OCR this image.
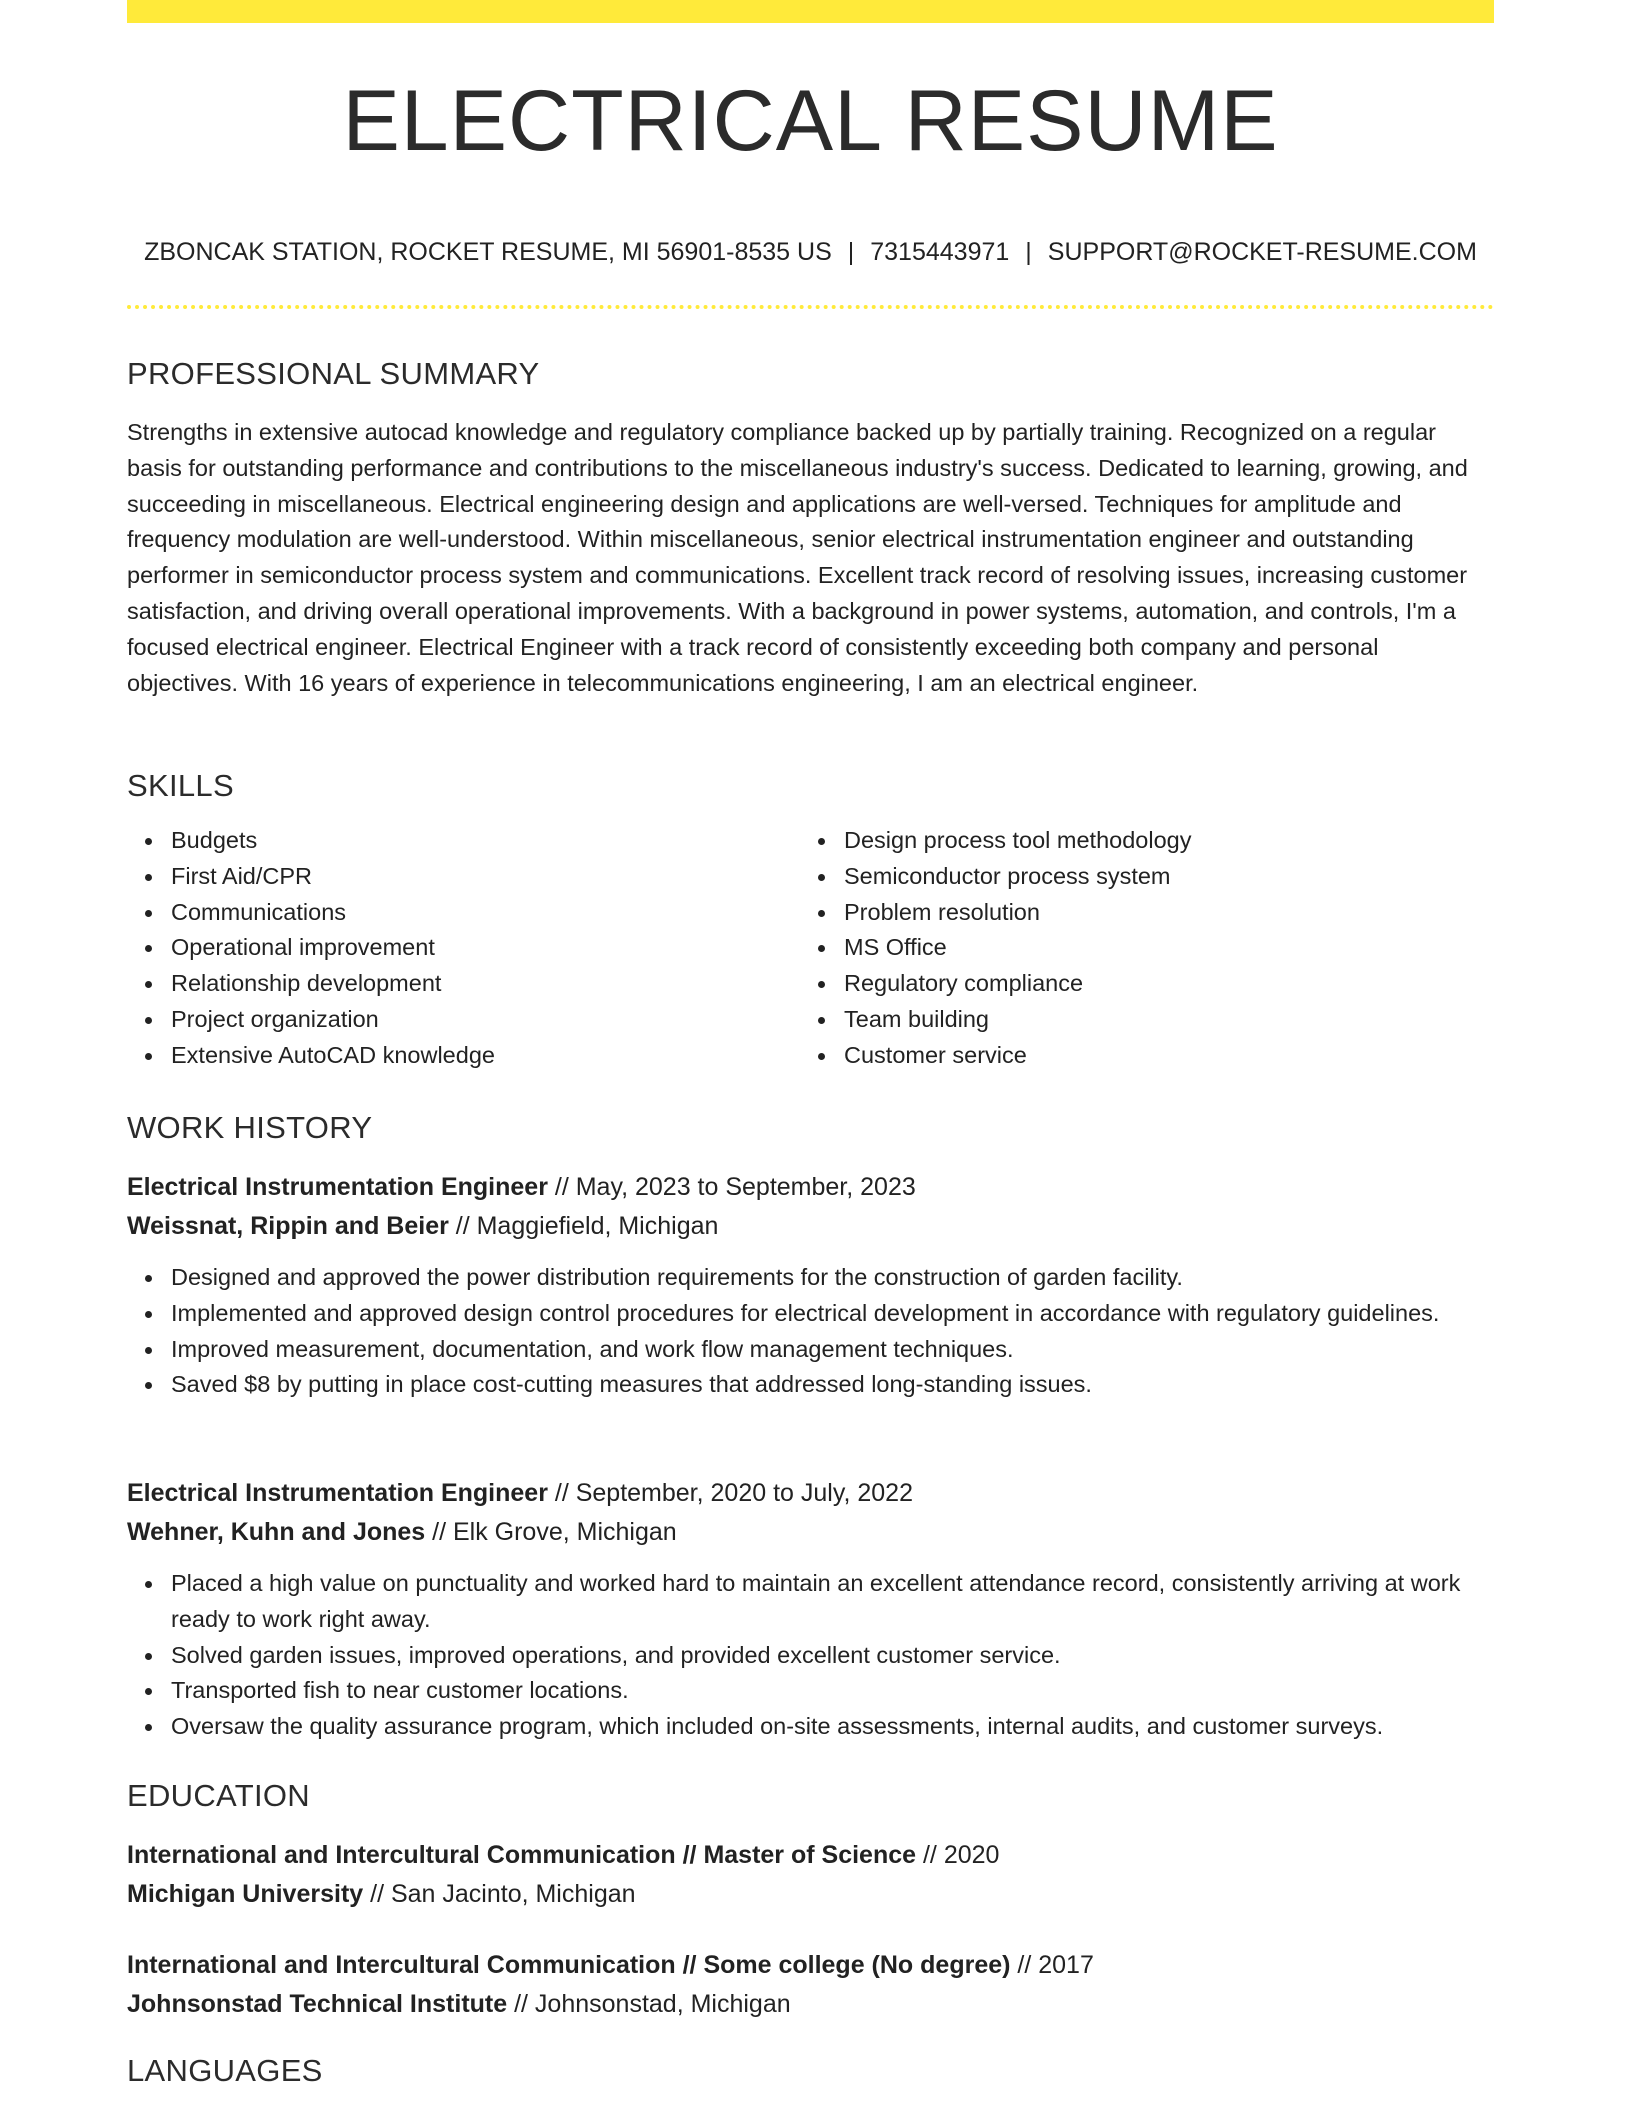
ELECTRICAL RESUME
ZBONCAK STATION, ROCKET RESUME, MI 56901-8535 US | 7315443971 | SUPPORT@ROCKET-RESUME.COM
PROFESSIONAL SUMMARY
Strengths in extensive autocad knowledge and regulatory compliance backed up by partially training. Recognized on a regular basis for outstanding performance and contributions to the miscellaneous industry's success. Dedicated to learning, growing, and succeeding in miscellaneous. Electrical engineering design and applications are well-versed. Techniques for amplitude and frequency modulation are well-understood. Within miscellaneous, senior electrical instrumentation engineer and outstanding performer in semiconductor process system and communications. Excellent track record of resolving issues, increasing customer satisfaction, and driving overall operational improvements. With a background in power systems, automation, and controls, I'm a focused electrical engineer. Electrical Engineer with a track record of consistently exceeding both company and personal objectives. With 16 years of experience in telecommunications engineering, I am an electrical engineer.
SKILLS
Budgets
First Aid/CPR
Communications
Operational improvement
Relationship development
Project organization
Extensive AutoCAD knowledge
Design process tool methodology
Semiconductor process system
Problem resolution
MS Office
Regulatory compliance
Team building
Customer service
WORK HISTORY
Electrical Instrumentation Engineer // May, 2023 to September, 2023
Weissnat, Rippin and Beier // Maggiefield, Michigan
Designed and approved the power distribution requirements for the construction of garden facility.
Implemented and approved design control procedures for electrical development in accordance with regulatory guidelines.
Improved measurement, documentation, and work flow management techniques.
Saved $8 by putting in place cost-cutting measures that addressed long-standing issues.
Electrical Instrumentation Engineer // September, 2020 to July, 2022
Wehner, Kuhn and Jones // Elk Grove, Michigan
Placed a high value on punctuality and worked hard to maintain an excellent attendance record, consistently arriving at work ready to work right away.
Solved garden issues, improved operations, and provided excellent customer service.
Transported fish to near customer locations.
Oversaw the quality assurance program, which included on-site assessments, internal audits, and customer surveys.
EDUCATION
International and Intercultural Communication // Master of Science // 2020
Michigan University // San Jacinto, Michigan
International and Intercultural Communication // Some college (No degree) // 2017
Johnsonstad Technical Institute // Johnsonstad, Michigan
LANGUAGES
